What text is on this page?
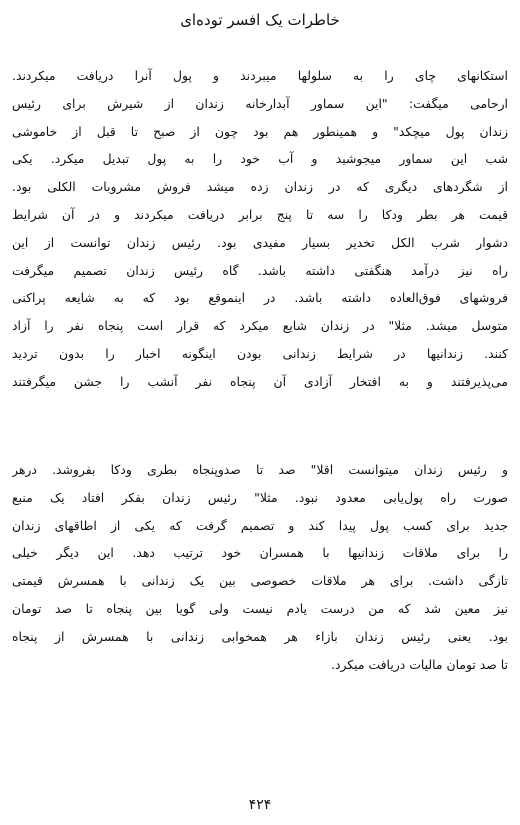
خاطرات یک افسر توده‌ای
استکانهای چای را به سلولها میبردند و پول آنرا دریافت میکردند.
ارحامی میگفت: "این سماور آبدارخانه زندان از شیرش برای رئیس
زندان پول میچکد" و همینطور هم بود چون از صبح تا قبل از خاموشی
شب این سماور میجوشید و آب خود را به پول تبدیل میکرد. یکی
از شگردهای دیگری که در زندان زده میشد فروش مشروبات الکلی بود.
قیمت هر بطر ودکا را سه تا پنج برابر دریافت میکردند و در آن شرایط
دشوار شرب الکل تخدیر بسیار مفیدی بود. رئیس زندان توانست از این
راه نیز درآمد هنگفتی داشته باشد. گاه رئیس زندان تصمیم میگرفت
فروشهای فوق‌العاده داشته باشد. در اینموقع بود که به شایعه پراکنی
متوسل میشد. مثلا" در زندان شایع میکرد که قرار است پنجاه نفر را آزاد
کنند. زندانیها در شرایط زندانی بودن اینگونه اخبار را بدون تردید
می‌پذیرفتند و به افتخار آزادی آن پنجاه نفر آنشب را جشن میگرفتند
و رئیس زندان میتوانست اقلا" صد تا صدوپنجاه بطری ودکا بفروشد. درهر
صورت راه پول‌یابی معدود نبود. مثلا" رئیس زندان بفکر افتاد یک منبع
جدید برای کسب پول پیدا کند و تصمیم گرفت که یکی از اطاقهای زندان
را برای ملاقات زندانیها با همسران خود ترتیب دهد. این دیگر خیلی
تازگی داشت. برای هر ملاقات خصوصی بین یک زندانی با همسرش قیمتی
نیز معین شد که من درست یادم نیست ولی گویا بین پنجاه تا صد تومان
بود. یعنی رئیس زندان بازاء هر همخوابی زندانی با همسرش از پنجاه
تا صد تومان مالیات دریافت میکرد.
۴۲۴
